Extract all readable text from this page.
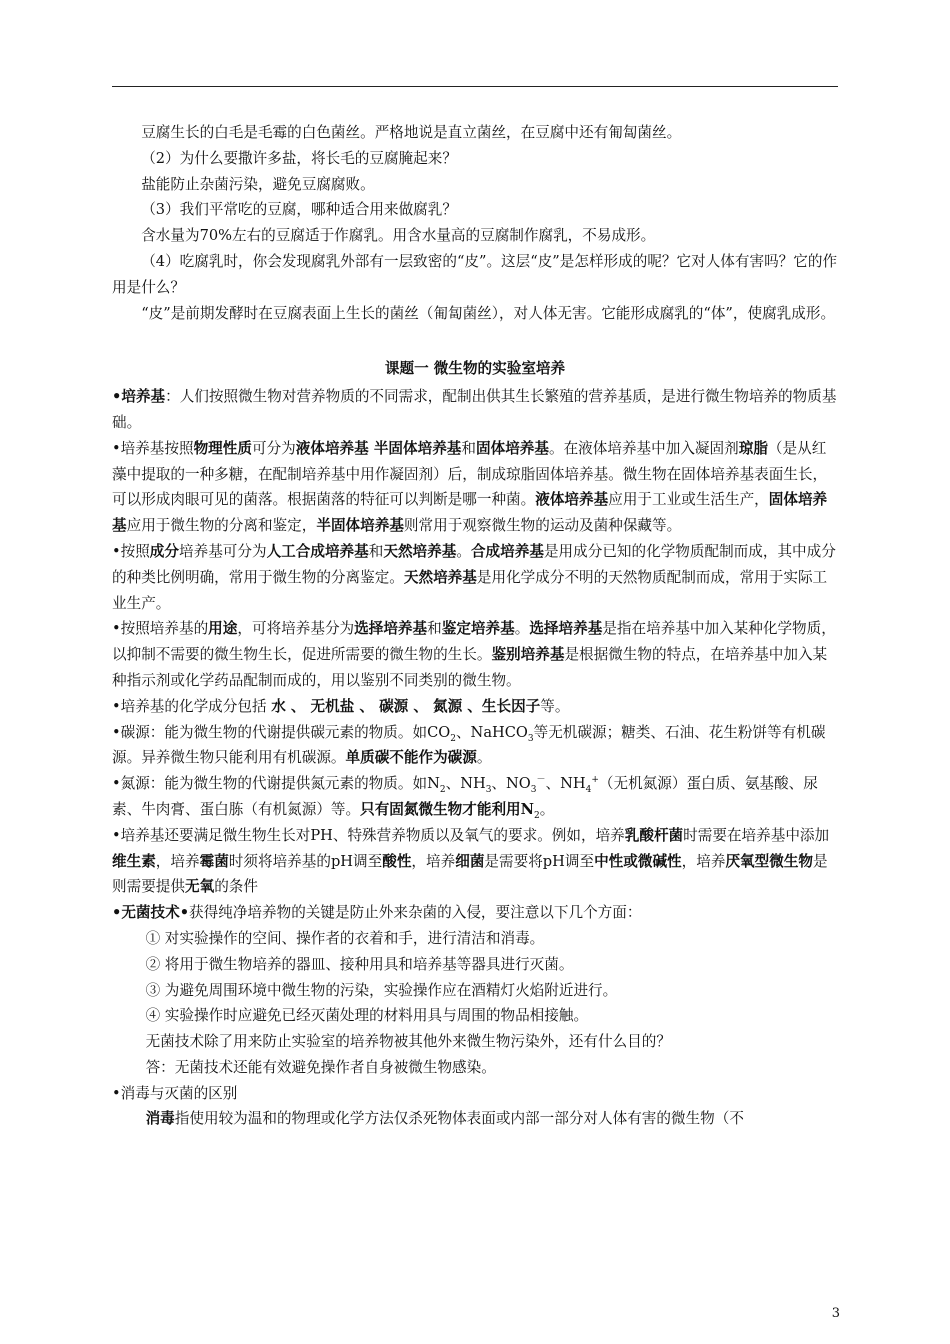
豆腐生长的白毛是毛霉的白色菌丝。严格地说是直立菌丝，在豆腐中还有匍匐菌丝。

（2）为什么要撒许多盐，将长毛的豆腐腌起来？

盐能防止杂菌污染，避免豆腐腐败。

（3）我们平常吃的豆腐，哪种适合用来做腐乳？

含水量为70%左右的豆腐适于作腐乳。用含水量高的豆腐制作腐乳，不易成形。

（4）吃腐乳时，你会发现腐乳外部有一层致密的“皮”。这层“皮”是怎样形成的呢？它对人体有害吗？它的作用是什么？

“皮”是前期发酵时在豆腐表面上生长的菌丝（匍匐菌丝），对人体无害。它能形成腐乳的“体”，使腐乳成形。

课题一 微生物的实验室培养

•培养基：人们按照微生物对营养物质的不同需求，配制出供其生长繁殖的营养基质，是进行微生物培养的物质基础。

•培养基按照物理性质可分为液体培养基 半固体培养基和固体培养基。在液体培养基中加入凝固剂琼脂（是从红藻中提取的一种多糖，在配制培养基中用作凝固剂）后，制成琼脂固体培养基。微生物在固体培养基表面生长，可以形成肉眼可见的菌落。根据菌落的特征可以判断是哪一种菌。液体培养基应用于工业或生活生产，固体培养基应用于微生物的分离和鉴定，半固体培养基则常用于观察微生物的运动及菌种保藏等。

•按照成分培养基可分为人工合成培养基和天然培养基。合成培养基是用成分已知的化学物质配制而成，其中成分的种类比例明确，常用于微生物的分离鉴定。天然培养基是用化学成分不明的天然物质配制而成，常用于实际工业生产。

•按照培养基的用途，可将培养基分为选择培养基和鉴定培养基。选择培养基是指在培养基中加入某种化学物质，以抑制不需要的微生物生长，促进所需要的微生物的生长。鉴别培养基是根据微生物的特点，在培养基中加入某种指示剂或化学药品配制而成的，用以鉴别不同类别的微生物。

•培养基的化学成分包括 水 、 无机盐 、 碳源 、 氮源 、生长因子等。

•碳源：能为微生物的代谢提供碳元素的物质。如$CO_2$、NaHCO$_3$等无机碳源；糖类、石油、花生粉饼等有机碳源。异养微生物只能利用有机碳源。单质碳不能作为碳源。

•氮源：能为微生物的代谢提供氮元素的物质。如$N_2$、$NH_3$、$NO_3^-$、$NH_4^+$（无机氮源）蛋白质、氨基酸、尿素、牛肉膏、蛋白胨（有机氮源）等。只有固氮微生物才能利用$N_2$。

•培养基还要满足微生物生长对PH、特殊营养物质以及氧气的要求。例如，培养乳酸杆菌时需要在培养基中添加维生素，培养霉菌时须将培养基的pH调至酸性，培养细菌是需要将pH调至中性或微碱性，培养厌氧型微生物是则需要提供无氧的条件

•无菌技术•获得纯净培养物的关键是防止外来杂菌的入侵，要注意以下几个方面：

① 对实验操作的空间、操作者的衣着和手，进行清洁和消毒。

② 将用于微生物培养的器皿、接种用具和培养基等器具进行灭菌。

③ 为避免周围环境中微生物的污染，实验操作应在酒精灯火焰附近进行。

④ 实验操作时应避免已经灭菌处理的材料用具与周围的物品相接触。

无菌技术除了用来防止实验室的培养物被其他外来微生物污染外，还有什么目的？

答：无菌技术还能有效避免操作者自身被微生物感染。

•消毒与灭菌的区别

消毒指使用较为温和的物理或化学方法仅杀死物体表面或内部一部分对人体有害的微生物（不

3
